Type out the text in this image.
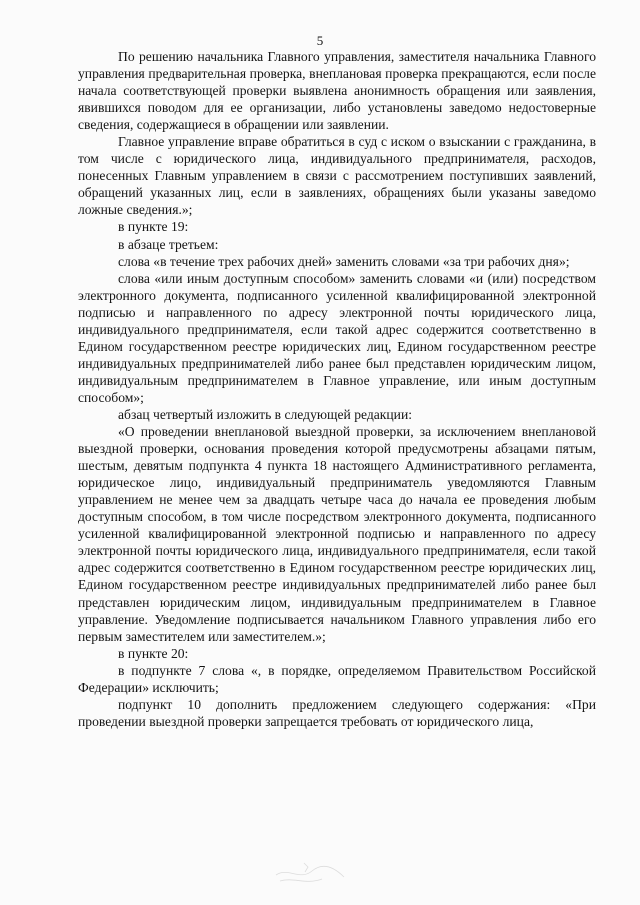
5

По решению начальника Главного управления, заместителя начальника Главного управления предварительная проверка, внеплановая проверка прекращаются, если после начала соответствующей проверки выявлена анонимность обращения или заявления, явившихся поводом для ее организации, либо установлены заведомо недостоверные сведения, содержащиеся в обращении или заявлении.

Главное управление вправе обратиться в суд с иском о взыскании с гражданина, в том числе с юридического лица, индивидуального предпринимателя, расходов, понесенных Главным управлением в связи с рассмотрением поступивших заявлений, обращений указанных лиц, если в заявлениях, обращениях были указаны заведомо ложные сведения.»;

в пункте 19:

в абзаце третьем:

слова «в течение трех рабочих дней» заменить словами «за три рабочих дня»;

слова «или иным доступным способом» заменить словами «и (или) посредством электронного документа, подписанного усиленной квалифицированной электронной подписью и направленного по адресу электронной почты юридического лица, индивидуального предпринимателя, если такой адрес содержится соответственно в Едином государственном реестре юридических лиц, Едином государственном реестре индивидуальных предпринимателей либо ранее был представлен юридическим лицом, индивидуальным предпринимателем в Главное управление, или иным доступным способом»;

абзац четвертый изложить в следующей редакции:

«О проведении внеплановой выездной проверки, за исключением внеплановой выездной проверки, основания проведения которой предусмотрены абзацами пятым, шестым, девятым подпункта 4 пункта 18 настоящего Административного регламента, юридическое лицо, индивидуальный предприниматель уведомляются Главным управлением не менее чем за двадцать четыре часа до начала ее проведения любым доступным способом, в том числе посредством электронного документа, подписанного усиленной квалифицированной электронной подписью и направленного по адресу электронной почты юридического лица, индивидуального предпринимателя, если такой адрес содержится соответственно в Едином государственном реестре юридических лиц, Едином государственном реестре индивидуальных предпринимателей либо ранее был представлен юридическим лицом, индивидуальным предпринимателем в Главное управление. Уведомление подписывается начальником Главного управления либо его первым заместителем или заместителем.»;

в пункте 20:

в подпункте 7 слова «, в порядке, определяемом Правительством Российской Федерации» исключить;

подпункт 10 дополнить предложением следующего содержания: «При проведении выездной проверки запрещается требовать от юридического лица,
